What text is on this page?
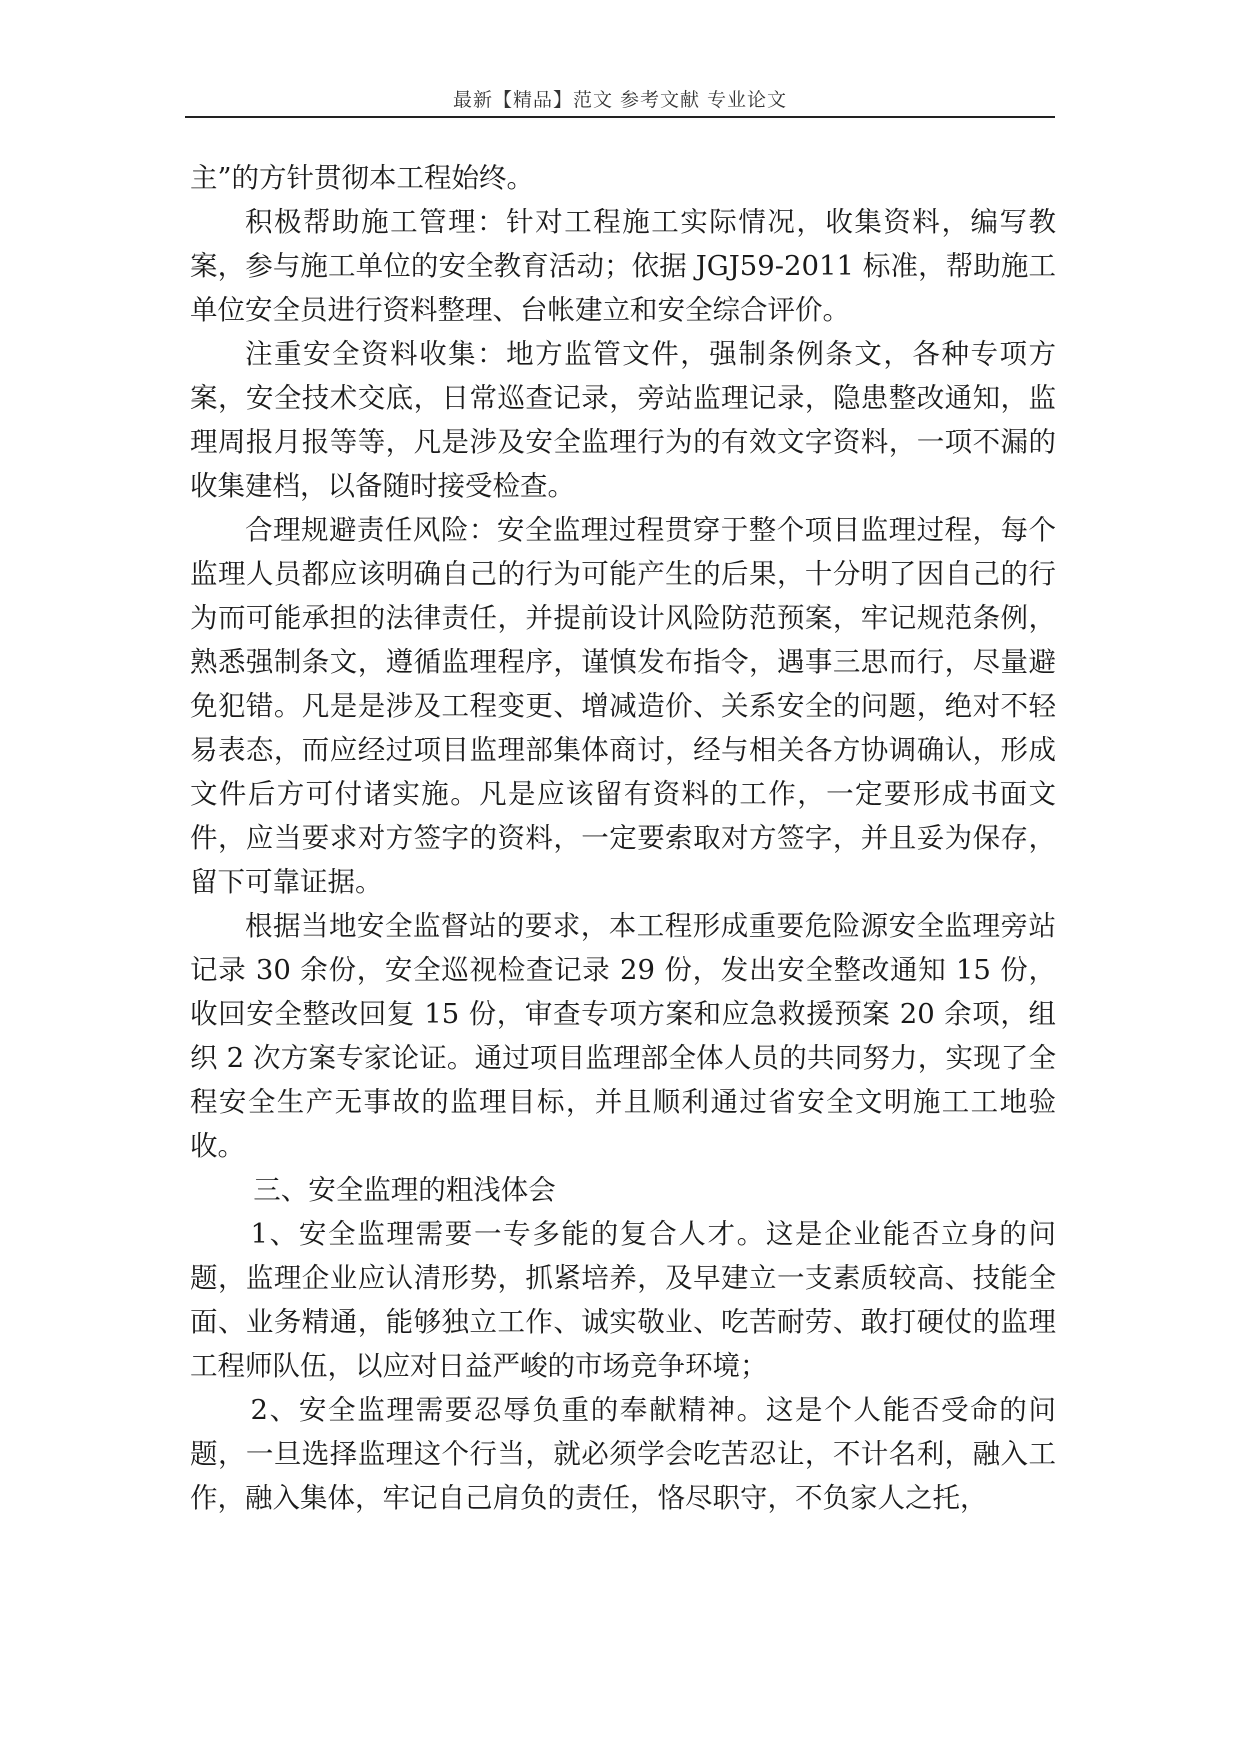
最新【精品】范文 参考文献 专业论文

主”的方针贯彻本工程始终。

积极帮助施工管理：针对工程施工实际情况，收集资料，编写教案，参与施工单位的安全教育活动；依据 JGJ59-2011 标准，帮助施工单位安全员进行资料整理、台帐建立和安全综合评价。

注重安全资料收集：地方监管文件，强制条例条文，各种专项方案，安全技术交底，日常巡查记录，旁站监理记录，隐患整改通知，监理周报月报等等，凡是涉及安全监理行为的有效文字资料，一项不漏的收集建档，以备随时接受检查。

合理规避责任风险：安全监理过程贯穿于整个项目监理过程，每个监理人员都应该明确自己的行为可能产生的后果，十分明了因自己的行为而可能承担的法律责任，并提前设计风险防范预案，牢记规范条例，熟悉强制条文，遵循监理程序，谨慎发布指令，遇事三思而行，尽量避免犯错。凡是是涉及工程变更、增减造价、关系安全的问题，绝对不轻易表态，而应经过项目监理部集体商讨，经与相关各方协调确认，形成文件后方可付诸实施。凡是应该留有资料的工作，一定要形成书面文件，应当要求对方签字的资料，一定要索取对方签字，并且妥为保存，留下可靠证据。

根据当地安全监督站的要求，本工程形成重要危险源安全监理旁站记录 30 余份，安全巡视检查记录 29 份，发出安全整改通知 15 份，收回安全整改回复 15 份，审查专项方案和应急救援预案 20 余项，组织 2 次方案专家论证。通过项目监理部全体人员的共同努力，实现了全程安全生产无事故的监理目标，并且顺利通过省安全文明施工工地验收。

三、安全监理的粗浅体会

1、安全监理需要一专多能的复合人才。这是企业能否立身的问题，监理企业应认清形势，抓紧培养，及早建立一支素质较高、技能全面、业务精通，能够独立工作、诚实敬业、吃苦耐劳、敢打硬仗的监理工程师队伍，以应对日益严峻的市场竞争环境；

2、安全监理需要忍辱负重的奉献精神。这是个人能否受命的问题，一旦选择监理这个行当，就必须学会吃苦忍让，不计名利，融入工作，融入集体，牢记自己肩负的责任，恪尽职守，不负家人之托，
